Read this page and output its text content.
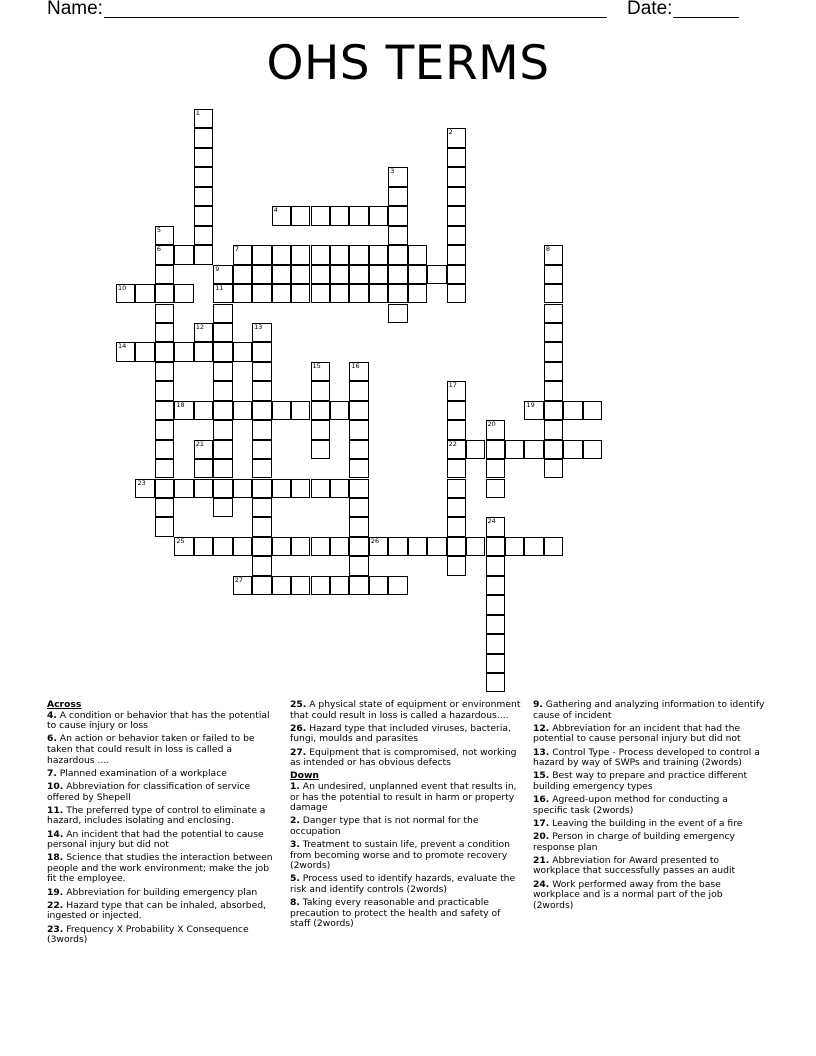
Name:	Date:
OHS TERMS
1
2
3
4
5
6	7	8
9
11
10
12	13
14
15	16
17
22
18	19
20
21
23
24
25	26
27
Across
4. A condition or behavior that has the potential to cause injury or loss
6. An action or behavior taken or failed to be taken that could result in loss is called a hazardous ....
7. Planned examination of a workplace
10. Abbreviation for classification of service offered by Shepell
11. The preferred type of control to eliminate a hazard, includes isolating and enclosing.
14. An incident that had the potential to cause personal injury but did not
18. Science that studies the interaction between people and the work environment; make the job fit the employee.
19. Abbreviation for building emergency plan
22. Hazard type that can be inhaled, absorbed, ingested or injected.
23. Frequency X Probability X Consequence (3words)
25. A physical state of equipment or environment that could result in loss is called a hazardous....
26. Hazard type that included viruses, bacteria, fungi, moulds and parasites
27. Equipment that is compromised, not working as intended or has obvious defects
Down
1. An undesired, unplanned event that results in, or has the potential to result in harm or property damage
2. Danger type that is not normal for the occupation
3. Treatment to sustain life, prevent a condition from becoming worse and to promote recovery (2words)
5. Process used to identify hazards, evaluate the risk and identify controls (2words)
8. Taking every reasonable and practicable precaution to protect the health and safety of staff (2words)
9. Gathering and analyzing information to identify cause of incident
12. Abbreviation for an incident that had the potential to cause personal injury but did not
13. Control Type - Process developed to control a hazard by way of SWPs and training (2words)
15. Best way to prepare and practice different building emergency types
16. Agreed-upon method for conducting a specific task (2words)
17. Leaving the building in the event of a fire
20. Person in charge of building emergency response plan
21. Abbreviation for Award presented to workplace that successfully passes an audit
24. Work performed away from the base workplace and is a normal part of the job (2words)
